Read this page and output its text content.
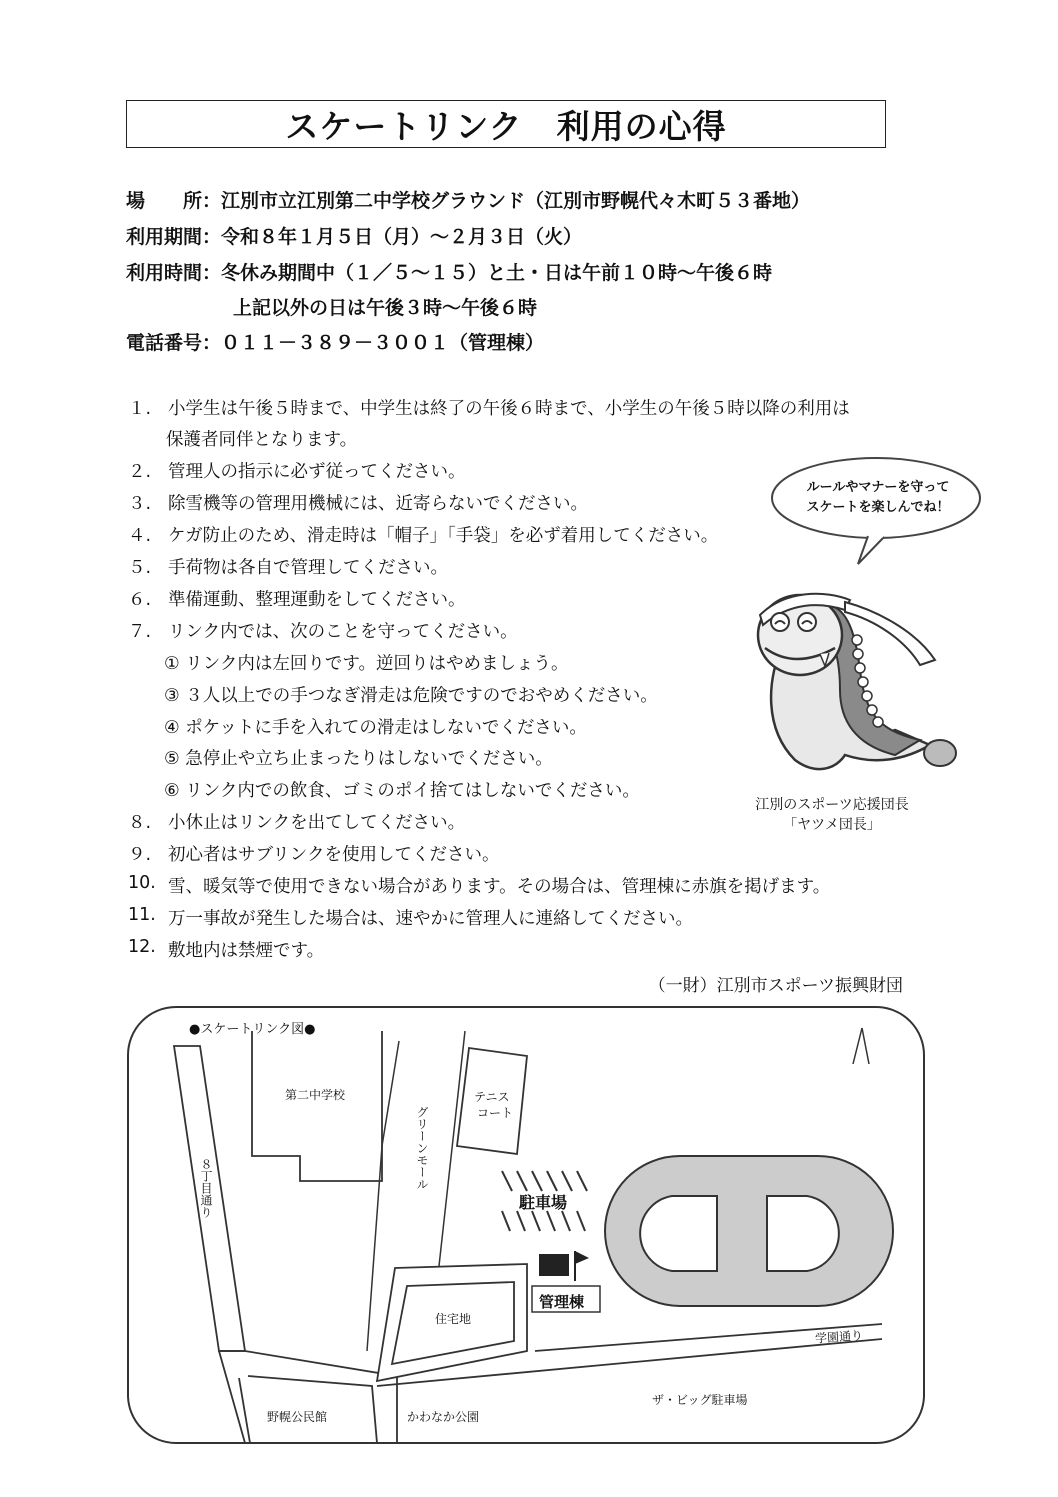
スケートリンク　利用の心得
場　　所：江別市立江別第二中学校グラウンド（江別市野幌代々木町５３番地）
利用期間：令和８年１月５日（月）～２月３日（火）
利用時間：冬休み期間中（１／５～１５）と土・日は午前１０時～午後６時
上記以外の日は午後３時～午後６時
電話番号：０１１－３８９－３００１（管理棟）
１. 小学生は午後５時まで、中学生は終了の午後６時まで、小学生の午後５時以降の利用は
保護者同伴となります。
２. 管理人の指示に必ず従ってください。
３. 除雪機等の管理用機械には、近寄らないでください。
４. ケガ防止のため、滑走時は「帽子」「手袋」を必ず着用してください。
５. 手荷物は各自で管理してください。
６. 準備運動、整理運動をしてください。
７. リンク内では、次のことを守ってください。
① リンク内は左回りです。逆回りはやめましょう。
③ ３人以上での手つなぎ滑走は危険ですのでおやめください。
④ ポケットに手を入れての滑走はしないでください。
⑤ 急停止や立ち止まったりはしないでください。
⑥ リンク内での飲食、ゴミのポイ捨てはしないでください。
８. 小休止はリンクを出てしてください。
９. 初心者はサブリンクを使用してください。
10. 雪、暖気等で使用できない場合があります。その場合は、管理棟に赤旗を掲げます。
11. 万一事故が発生した場合は、速やかに管理人に連絡してください。
12. 敷地内は禁煙です。
ルールやマナーを守って
スケートを楽しんでね！
江別のスポーツ応援団長
「ヤツメ団長」
（一財）江別市スポーツ振興財団
●スケートリンク図●
第二中学校	テニス
コート
グリーンモール
８丁目通り	駐車場
管理棟
住宅地
学園通り
野幌公民館	かわなか公園
ザ・ビッグ駐車場
